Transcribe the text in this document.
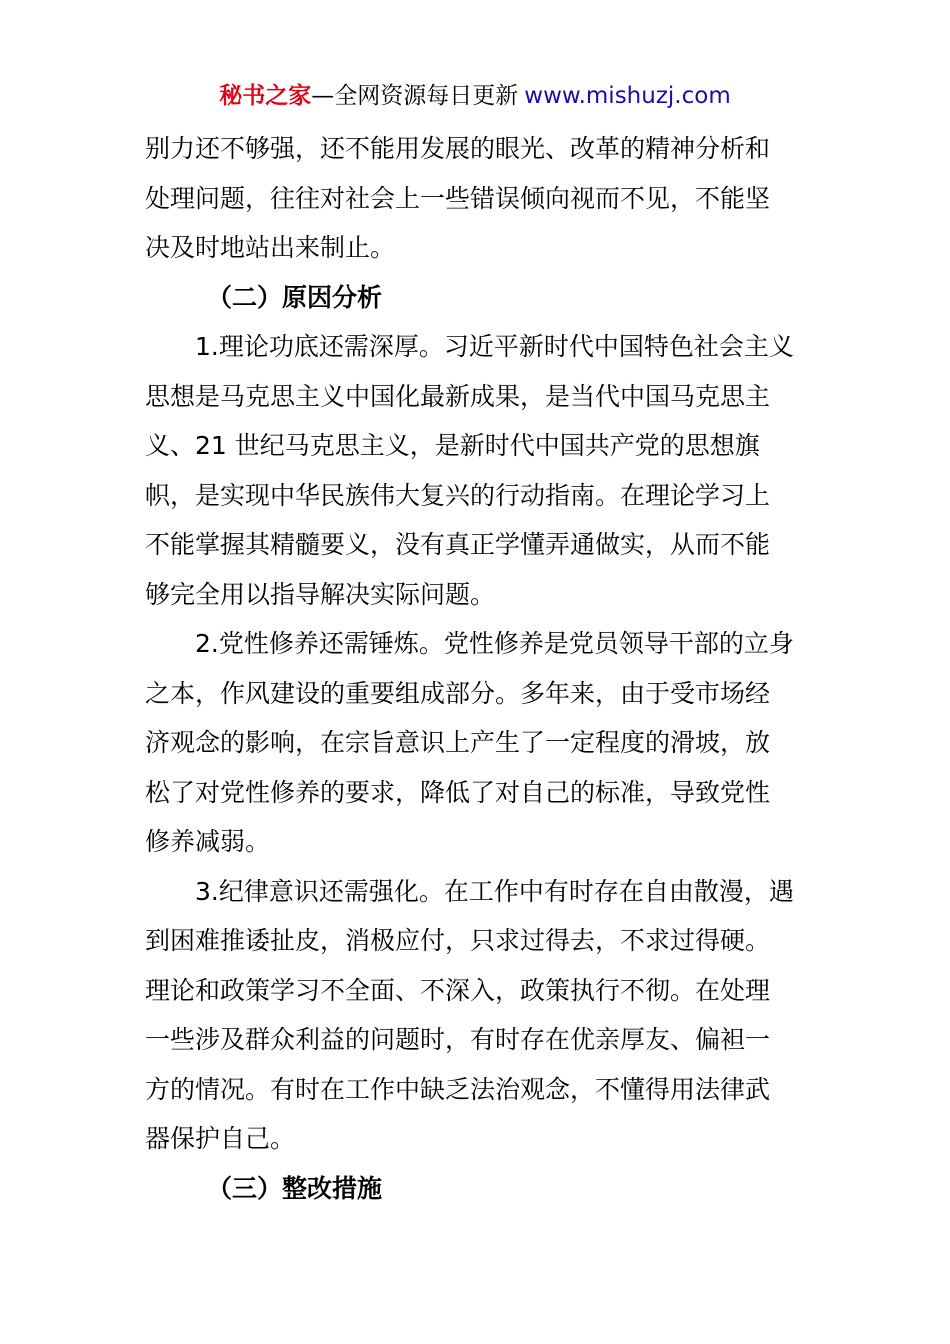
秘书之家—全网资源每日更新 www.mishuzj.com
别力还不够强，还不能用发展的眼光、改革的精神分析和
处理问题，往往对社会上一些错误倾向视而不见，不能坚
决及时地站出来制止。
（二）原因分析
1.理论功底还需深厚。习近平新时代中国特色社会主义
思想是马克思主义中国化最新成果，是当代中国马克思主
义、21 世纪马克思主义，是新时代中国共产党的思想旗
帜，是实现中华民族伟大复兴的行动指南。在理论学习上
不能掌握其精髓要义，没有真正学懂弄通做实，从而不能
够完全用以指导解决实际问题。
2.党性修养还需锤炼。党性修养是党员领导干部的立身
之本，作风建设的重要组成部分。多年来，由于受市场经
济观念的影响，在宗旨意识上产生了一定程度的滑坡，放
松了对党性修养的要求，降低了对自己的标准，导致党性
修养减弱。
3.纪律意识还需强化。在工作中有时存在自由散漫，遇
到困难推诿扯皮，消极应付，只求过得去，不求过得硬。
理论和政策学习不全面、不深入，政策执行不彻。在处理
一些涉及群众利益的问题时，有时存在优亲厚友、偏袒一
方的情况。有时在工作中缺乏法治观念，不懂得用法律武
器保护自己。
（三）整改措施
